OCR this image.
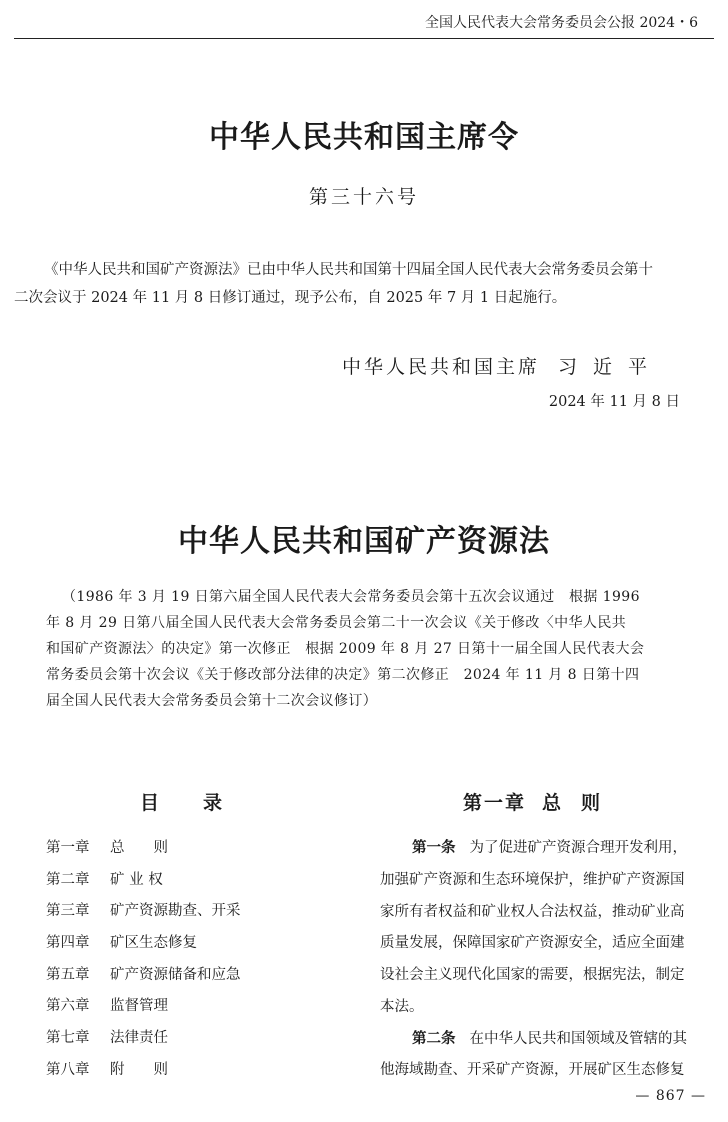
全国人民代表大会常务委员会公报 2024・6
中华人民共和国主席令
第三十六号
《中华人民共和国矿产资源法》已由中华人民共和国第十四届全国人民代表大会常务委员会第十
二次会议于 2024 年 11 月 8 日修订通过，现予公布，自 2025 年 7 月 1 日起施行。
中华人民共和国主席 习近平
2024 年 11 月 8 日
中华人民共和国矿产资源法
（1986 年 3 月 19 日第六届全国人民代表大会常务委员会第十五次会议通过　根据 1996
年 8 月 29 日第八届全国人民代表大会常务委员会第二十一次会议《关于修改〈中华人民共
和国矿产资源法〉的决定》第一次修正　根据 2009 年 8 月 27 日第十一届全国人民代表大会
常务委员会第十次会议《关于修改部分法律的决定》第二次修正　2024 年 11 月 8 日第十四
届全国人民代表大会常务委员会第十二次会议修订）
目录
第一章 总　　则
第二章 矿 业 权
第三章 矿产资源勘查、开采
第四章 矿区生态修复
第五章 矿产资源储备和应急
第六章 监督管理
第七章 法律责任
第八章 附　　则
第一章 总则
第一条 为了促进矿产资源合理开发利用，
加强矿产资源和生态环境保护，维护矿产资源国
家所有者权益和矿业权人合法权益，推动矿业高
质量发展，保障国家矿产资源安全，适应全面建
设社会主义现代化国家的需要，根据宪法，制定
本法。
第二条 在中华人民共和国领域及管辖的其
他海域勘查、开采矿产资源，开展矿区生态修复
— 867 —
